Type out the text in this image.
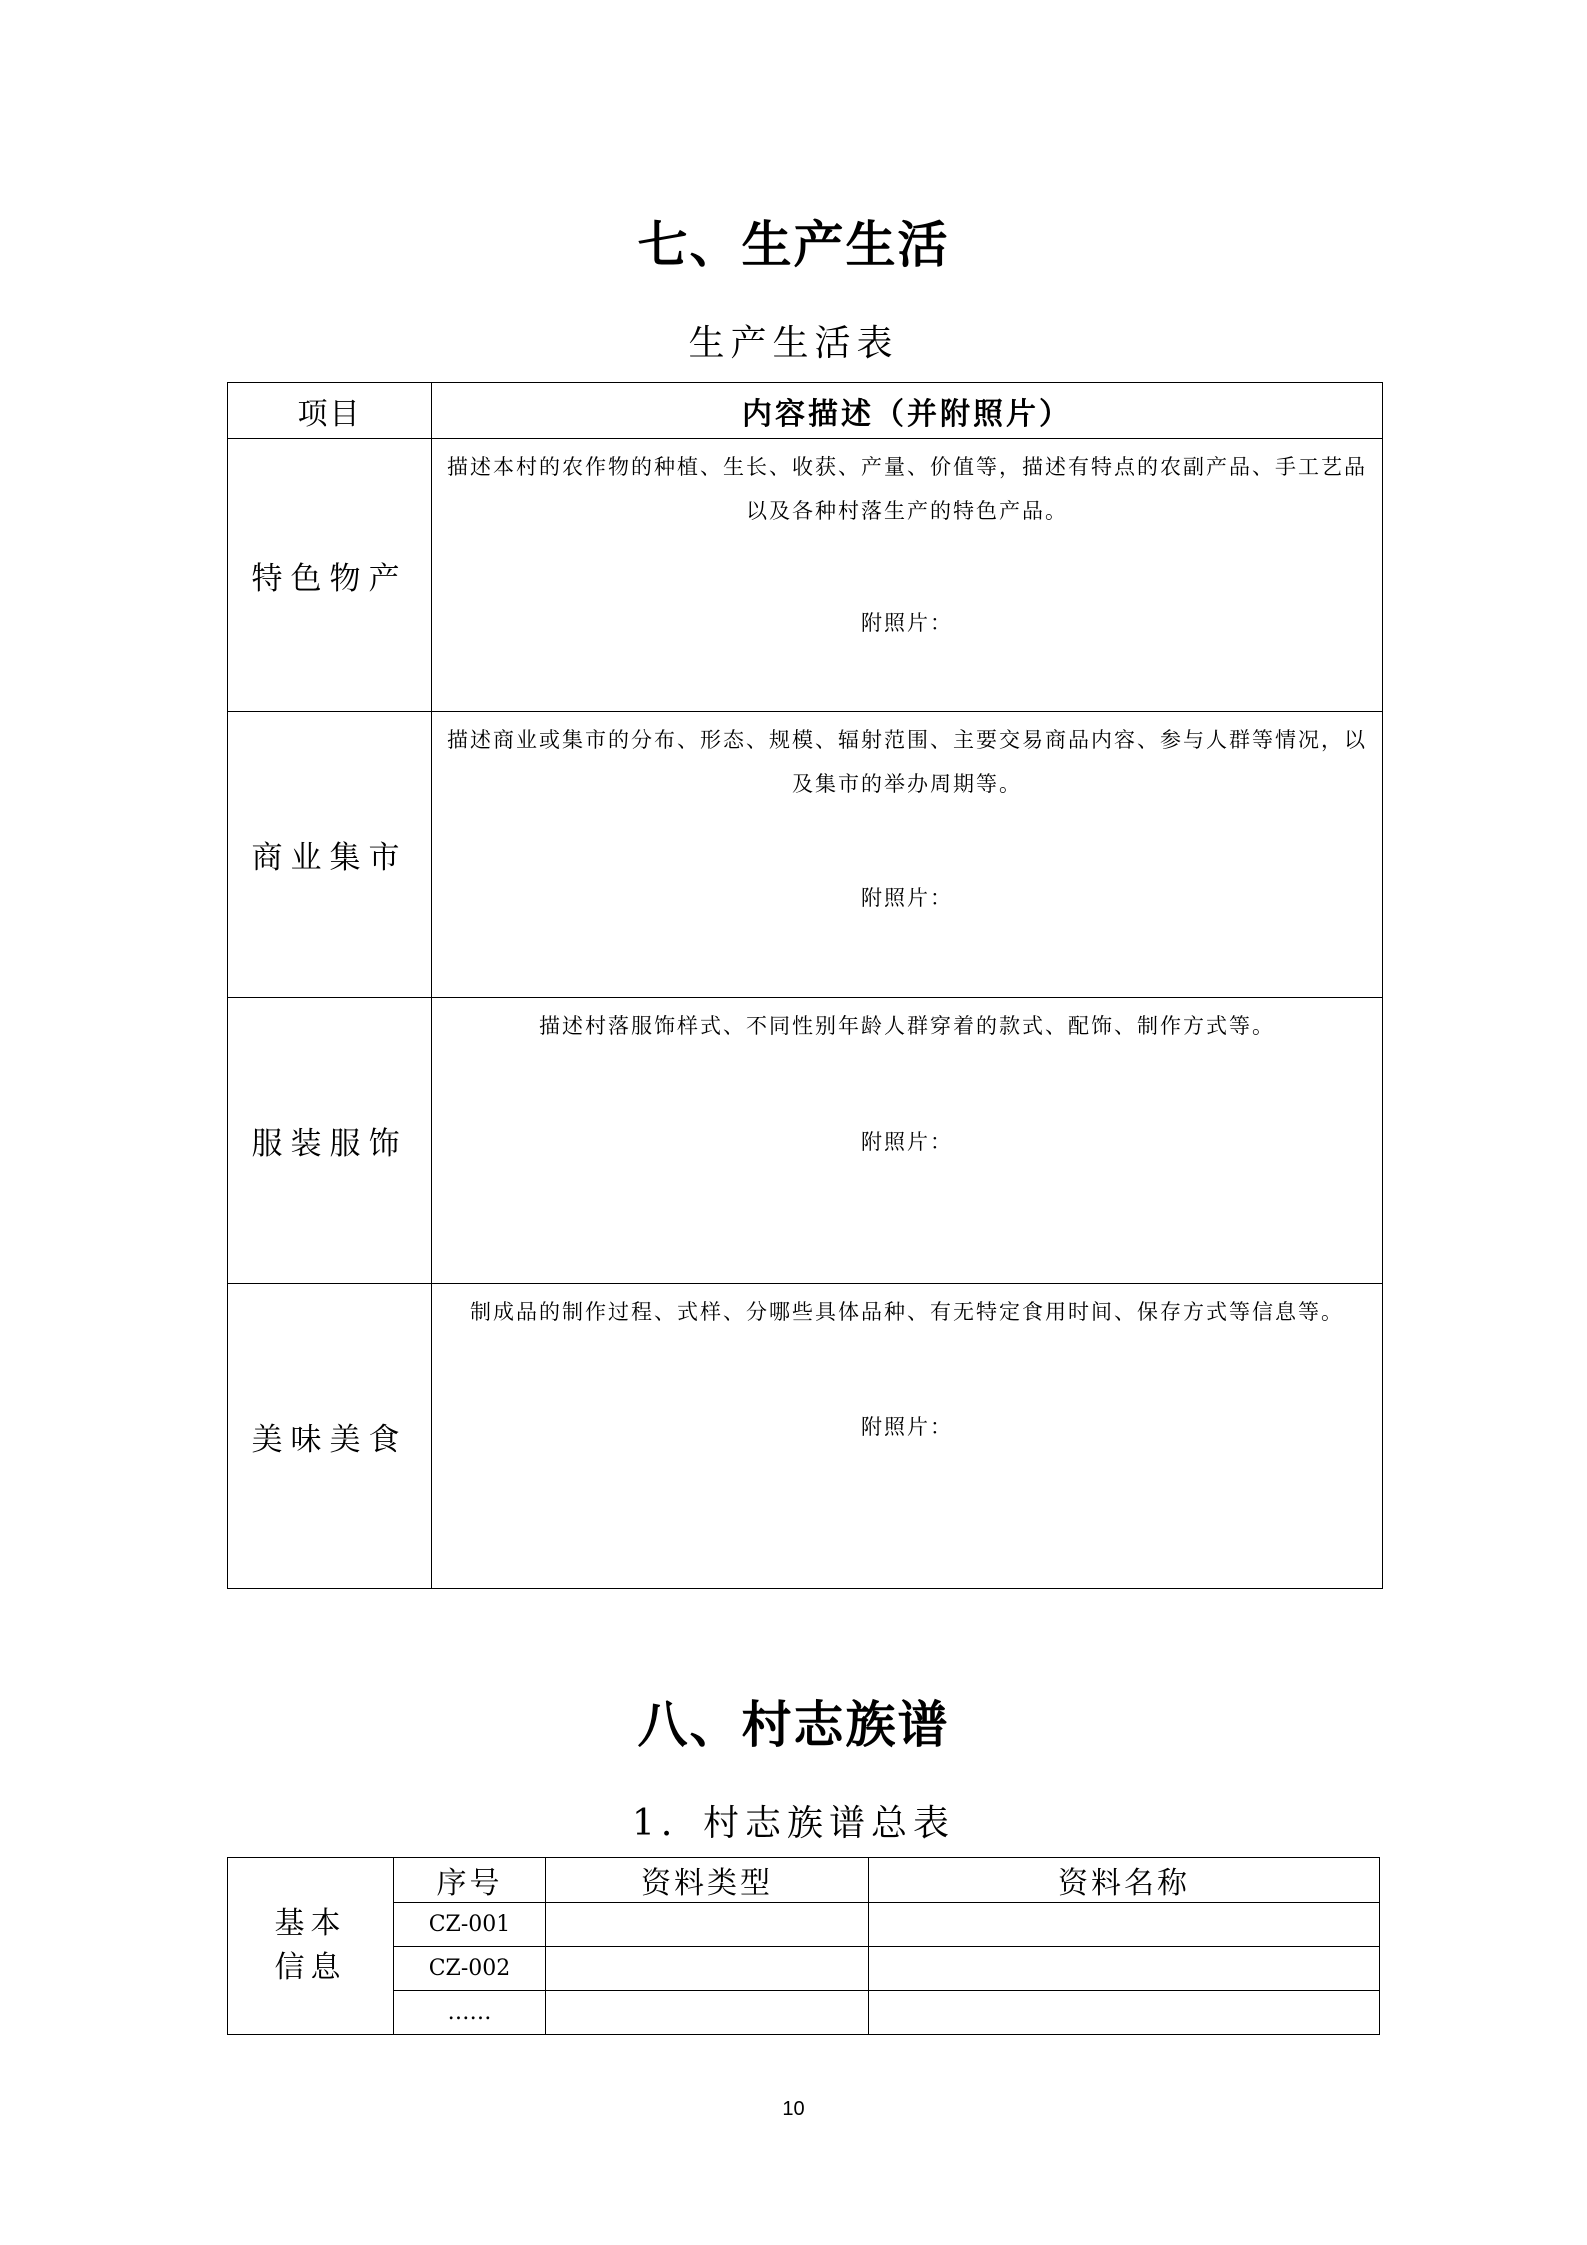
七、生产生活
生产生活表
项目	内容描述（并附照片）
特色物产	描述本村的农作物的种植、生长、收获、产量、价值等，描述有特点的农副产品、手工艺品以及各种村落生产的特色产品。
附照片：

商业集市	描述商业或集市的分布、形态、规模、辐射范围、主要交易商品内容、参与人群等情况，以及集市的举办周期等。
附照片：

服装服饰	描述村落服饰样式、不同性别年龄人群穿着的款式、配饰、制作方式等。
附照片：

美味美食	制成品的制作过程、式样、分哪些具体品种、有无特定食用时间、保存方式等信息等。
附照片：
八、村志族谱
1．村志族谱总表
基本
信息	序号	资料类型	资料名称
	CZ-001		
	CZ-002		
	……		
10
